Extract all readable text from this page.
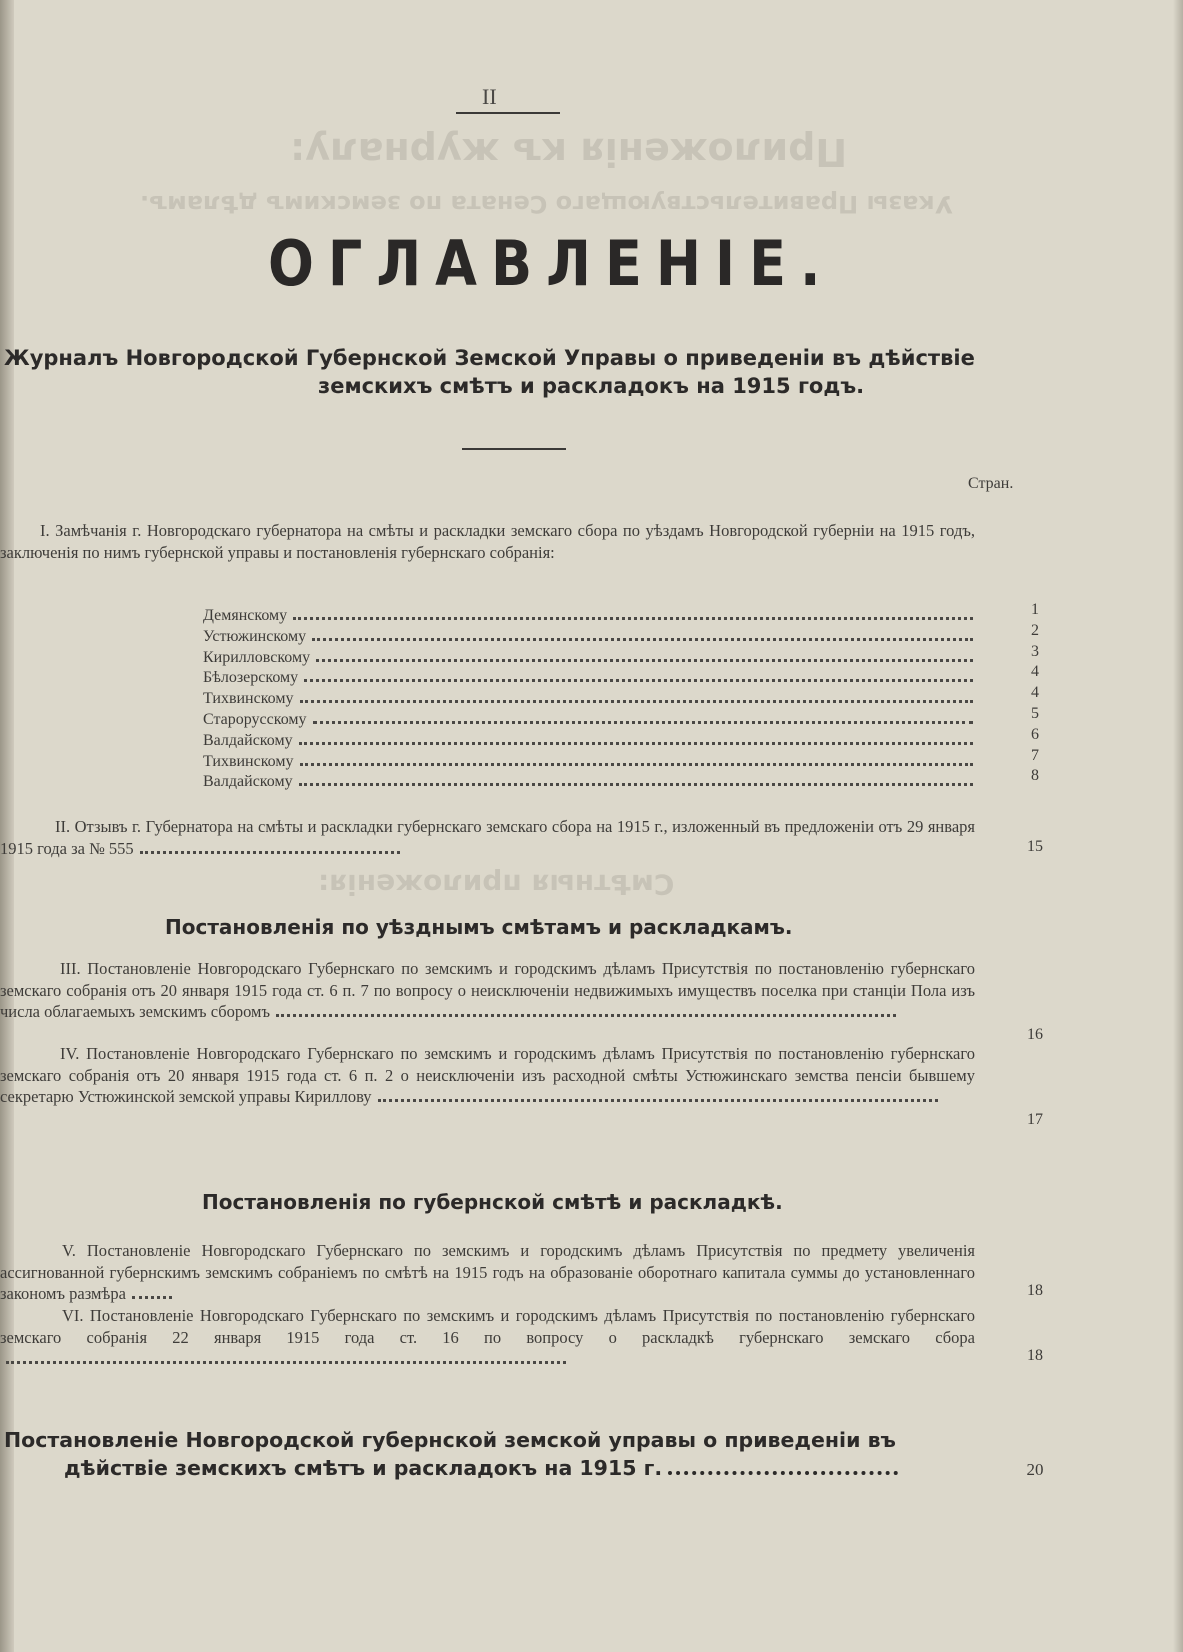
II
Приложенія къ журналу:
Указы Правительствующаго Сената по земскимъ дѣламъ.
Смѣтныя приложенія:
ОГЛАВЛЕНІЕ.
Журналъ Новгородской Губернской Земской Управы о приведеніи въ дѣйствіе
земскихъ смѣтъ и раскладокъ на 1915 годъ.
Стран.
I. Замѣчанія г. Новгородскаго губернатора на смѣты и раскладки земскаго сбора по уѣздамъ Новгородской губерніи на 1915 годъ, заключенія по нимъ губернской управы и постановленія губернскаго собранія:
Демянскому	1
Устюжинскому	2
Кирилловскому	3
Бѣлозерскому	4
Тихвинскому	4
Старорусскому	5
Валдайскому	6
Тихвинскому	7
Валдайскому	8
II. Отзывъ г. Губернатора на смѣты и раскладки губернскаго земскаго сбора на 1915 г., изложенный въ предложеніи отъ 29 января 1915 года за № 555	15
Постановленія по уѣзднымъ смѣтамъ и раскладкамъ.
III. Постановленіе Новгородскаго Губернскаго по земскимъ и городскимъ дѣламъ Присутствія по постановленію губернскаго земскаго собранія отъ 20 января 1915 года ст. 6 п. 7 по вопросу о неисключеніи недвижимыхъ имуществъ поселка при станціи Пола изъ числа облагаемыхъ земскимъ сборомъ
16
IV. Постановленіе Новгородскаго Губернскаго по земскимъ и городскимъ дѣламъ Присутствія по постановленію губернскаго земскаго собранія отъ 20 января 1915 года ст. 6 п. 2 о неисключеніи изъ расходной смѣты Устюжинскаго земства пенсіи бывшему секретарю Устюжинской земской управы Кириллову
17
Постановленія по губернской смѣтѣ и раскладкѣ.
V. Постановленіе Новгородскаго Губернскаго по земскимъ и городскимъ дѣламъ Присутствія по предмету увеличенія ассигнованной губернскимъ земскимъ собраніемъ по смѣтѣ на 1915 годъ на образованіе оборотнаго капитала суммы до установленнаго закономъ размѣра	18
VI. Постановленіе Новгородскаго Губернскаго по земскимъ и городскимъ дѣламъ Присутствія по постановленію губернскаго земскаго собранія 22 января 1915 года ст. 16 по вопросу о раскладкѣ губернскаго земскаго сбора
18
Постановленіе Новгородской губернской земской управы о приведеніи въ
дѣйствіе земскихъ смѣтъ и раскладокъ на 1915 г.	20
